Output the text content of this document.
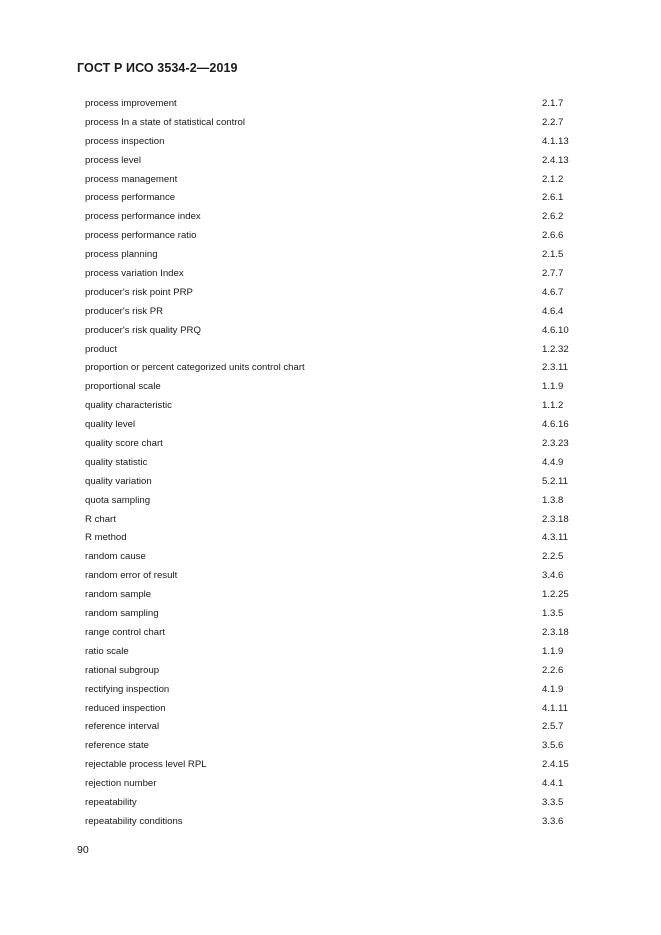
ГОСТ Р ИСО 3534-2—2019
process improvement	2.1.7
process In a state of statistical control	2.2.7
process inspection	4.1.13
process level	2.4.13
process management	2.1.2
process performance	2.6.1
process performance index	2.6.2
process performance ratio	2.6.6
process planning	2.1.5
process variation Index	2.7.7
producer's risk point PRP	4.6.7
producer's risk PR	4.6.4
producer's risk quality PRQ	4.6.10
product	1.2.32
proportion or percent categorized units control chart	2.3.11
proportional scale	1.1.9
quality characteristic	1.1.2
quality level	4.6.16
quality score chart	2.3.23
quality statistic	4.4.9
quality variation	5.2.11
quota sampling	1.3.8
R chart	2.3.18
R method	4.3.11
random cause	2.2.5
random error of result	3.4.6
random sample	1.2.25
random sampling	1.3.5
range control chart	2.3.18
ratio scale	1.1.9
rational subgroup	2.2.6
rectifying inspection	4.1.9
reduced inspection	4.1.11
reference interval	2.5.7
reference state	3.5.6
rejectable process level RPL	2.4.15
rejection number	4.4.1
repeatability	3.3.5
repeatability conditions	3.3.6
90
